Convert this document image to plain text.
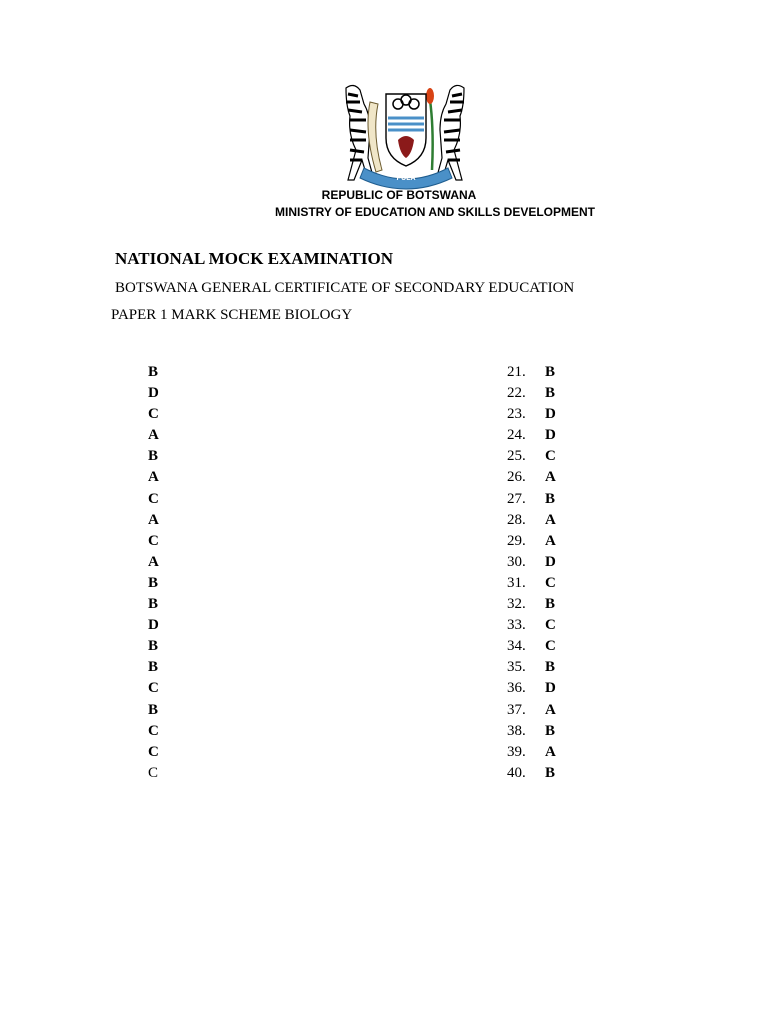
PULA
REPUBLIC OF BOTSWANA
MINISTRY OF EDUCATION AND SKILLS DEVELOPMENT
NATIONAL MOCK EXAMINATION
BOTSWANA GENERAL CERTIFICATE OF SECONDARY EDUCATION
PAPER 1 MARK SCHEME BIOLOGY
B
D
C
A
B
A
C
A
C
A
B
B
D
B
B
C
B
C
C
C
21. B
22. B
23. D
24. D
25. C
26. A
27. B
28. A
29. A
30. D
31. C
32. B
33. C
34. C
35. B
36. D
37. A
38. B
39. A
40. B
